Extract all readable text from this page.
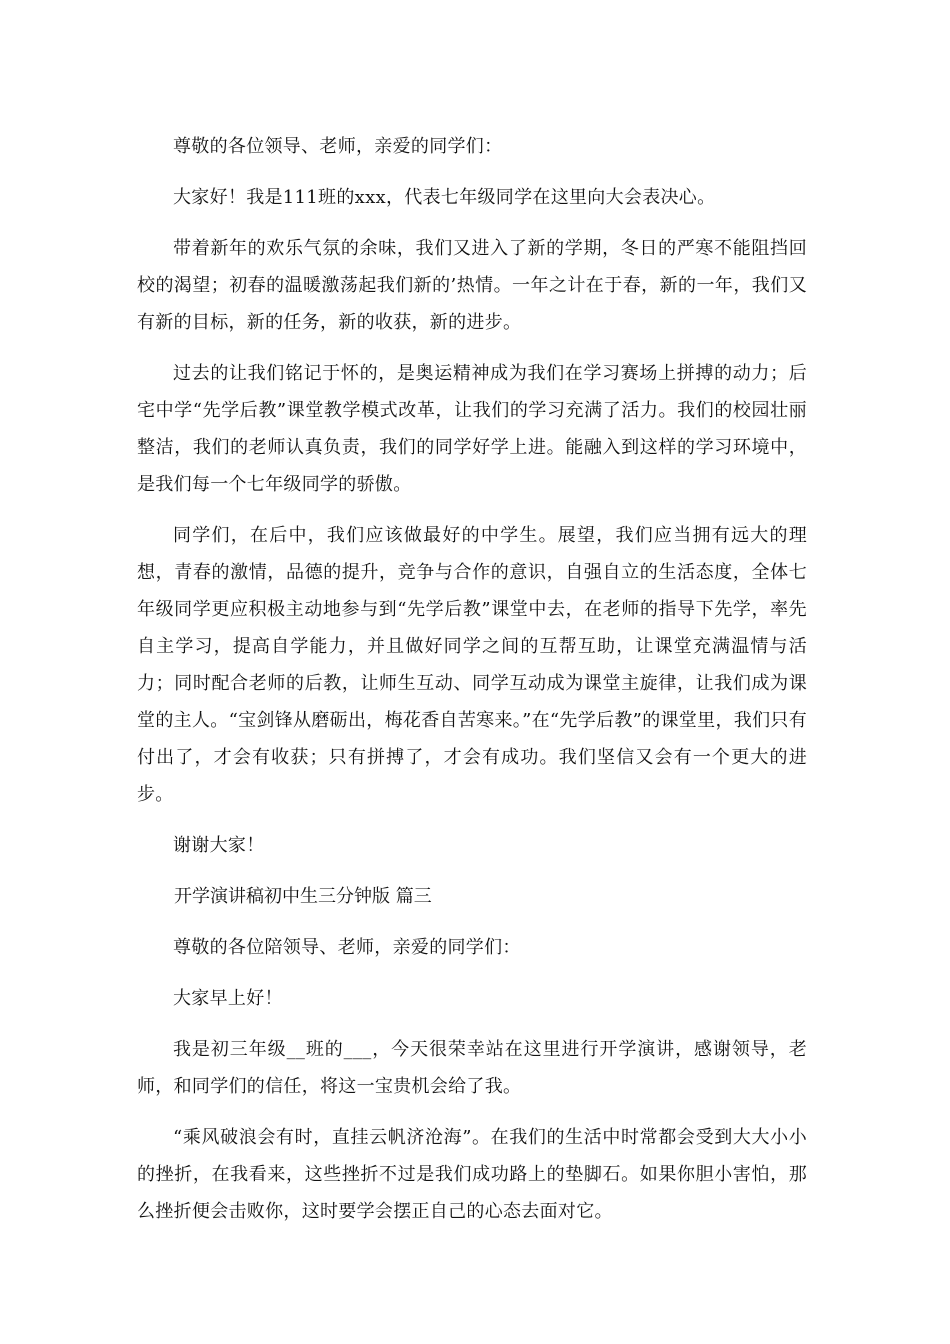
尊敬的各位领导、老师，亲爱的同学们：

大家好！我是111班的xxx，代表七年级同学在这里向大会表决心。

带着新年的欢乐气氛的余味，我们又进入了新的学期，冬日的严寒不能阻挡回校的渴望；初春的温暖激荡起我们新的’热情。一年之计在于春，新的一年，我们又有新的目标，新的任务，新的收获，新的进步。

过去的让我们铭记于怀的，是奥运精神成为我们在学习赛场上拼搏的动力；后宅中学“先学后教”课堂教学模式改革，让我们的学习充满了活力。我们的校园壮丽整洁，我们的老师认真负责，我们的同学好学上进。能融入到这样的学习环境中，是我们每一个七年级同学的骄傲。

同学们，在后中，我们应该做最好的中学生。展望，我们应当拥有远大的理想，青春的激情，品德的提升，竞争与合作的意识，自强自立的生活态度，全体七年级同学更应积极主动地参与到“先学后教”课堂中去，在老师的指导下先学，率先自主学习，提高自学能力，并且做好同学之间的互帮互助，让课堂充满温情与活力；同时配合老师的后教，让师生互动、同学互动成为课堂主旋律，让我们成为课堂的主人。“宝剑锋从磨砺出，梅花香自苦寒来。”在“先学后教”的课堂里，我们只有付出了，才会有收获；只有拼搏了，才会有成功。我们坚信又会有一个更大的进步。

谢谢大家！

开学演讲稿初中生三分钟版 篇三

尊敬的各位陪领导、老师，亲爱的同学们：

大家早上好！

我是初三年级__班的___，今天很荣幸站在这里进行开学演讲，感谢领导，老师，和同学们的信任，将这一宝贵机会给了我。

“乘风破浪会有时，直挂云帆济沧海”。在我们的生活中时常都会受到大大小小的挫折，在我看来，这些挫折不过是我们成功路上的垫脚石。如果你胆小害怕，那么挫折便会击败你，这时要学会摆正自己的心态去面对它。
